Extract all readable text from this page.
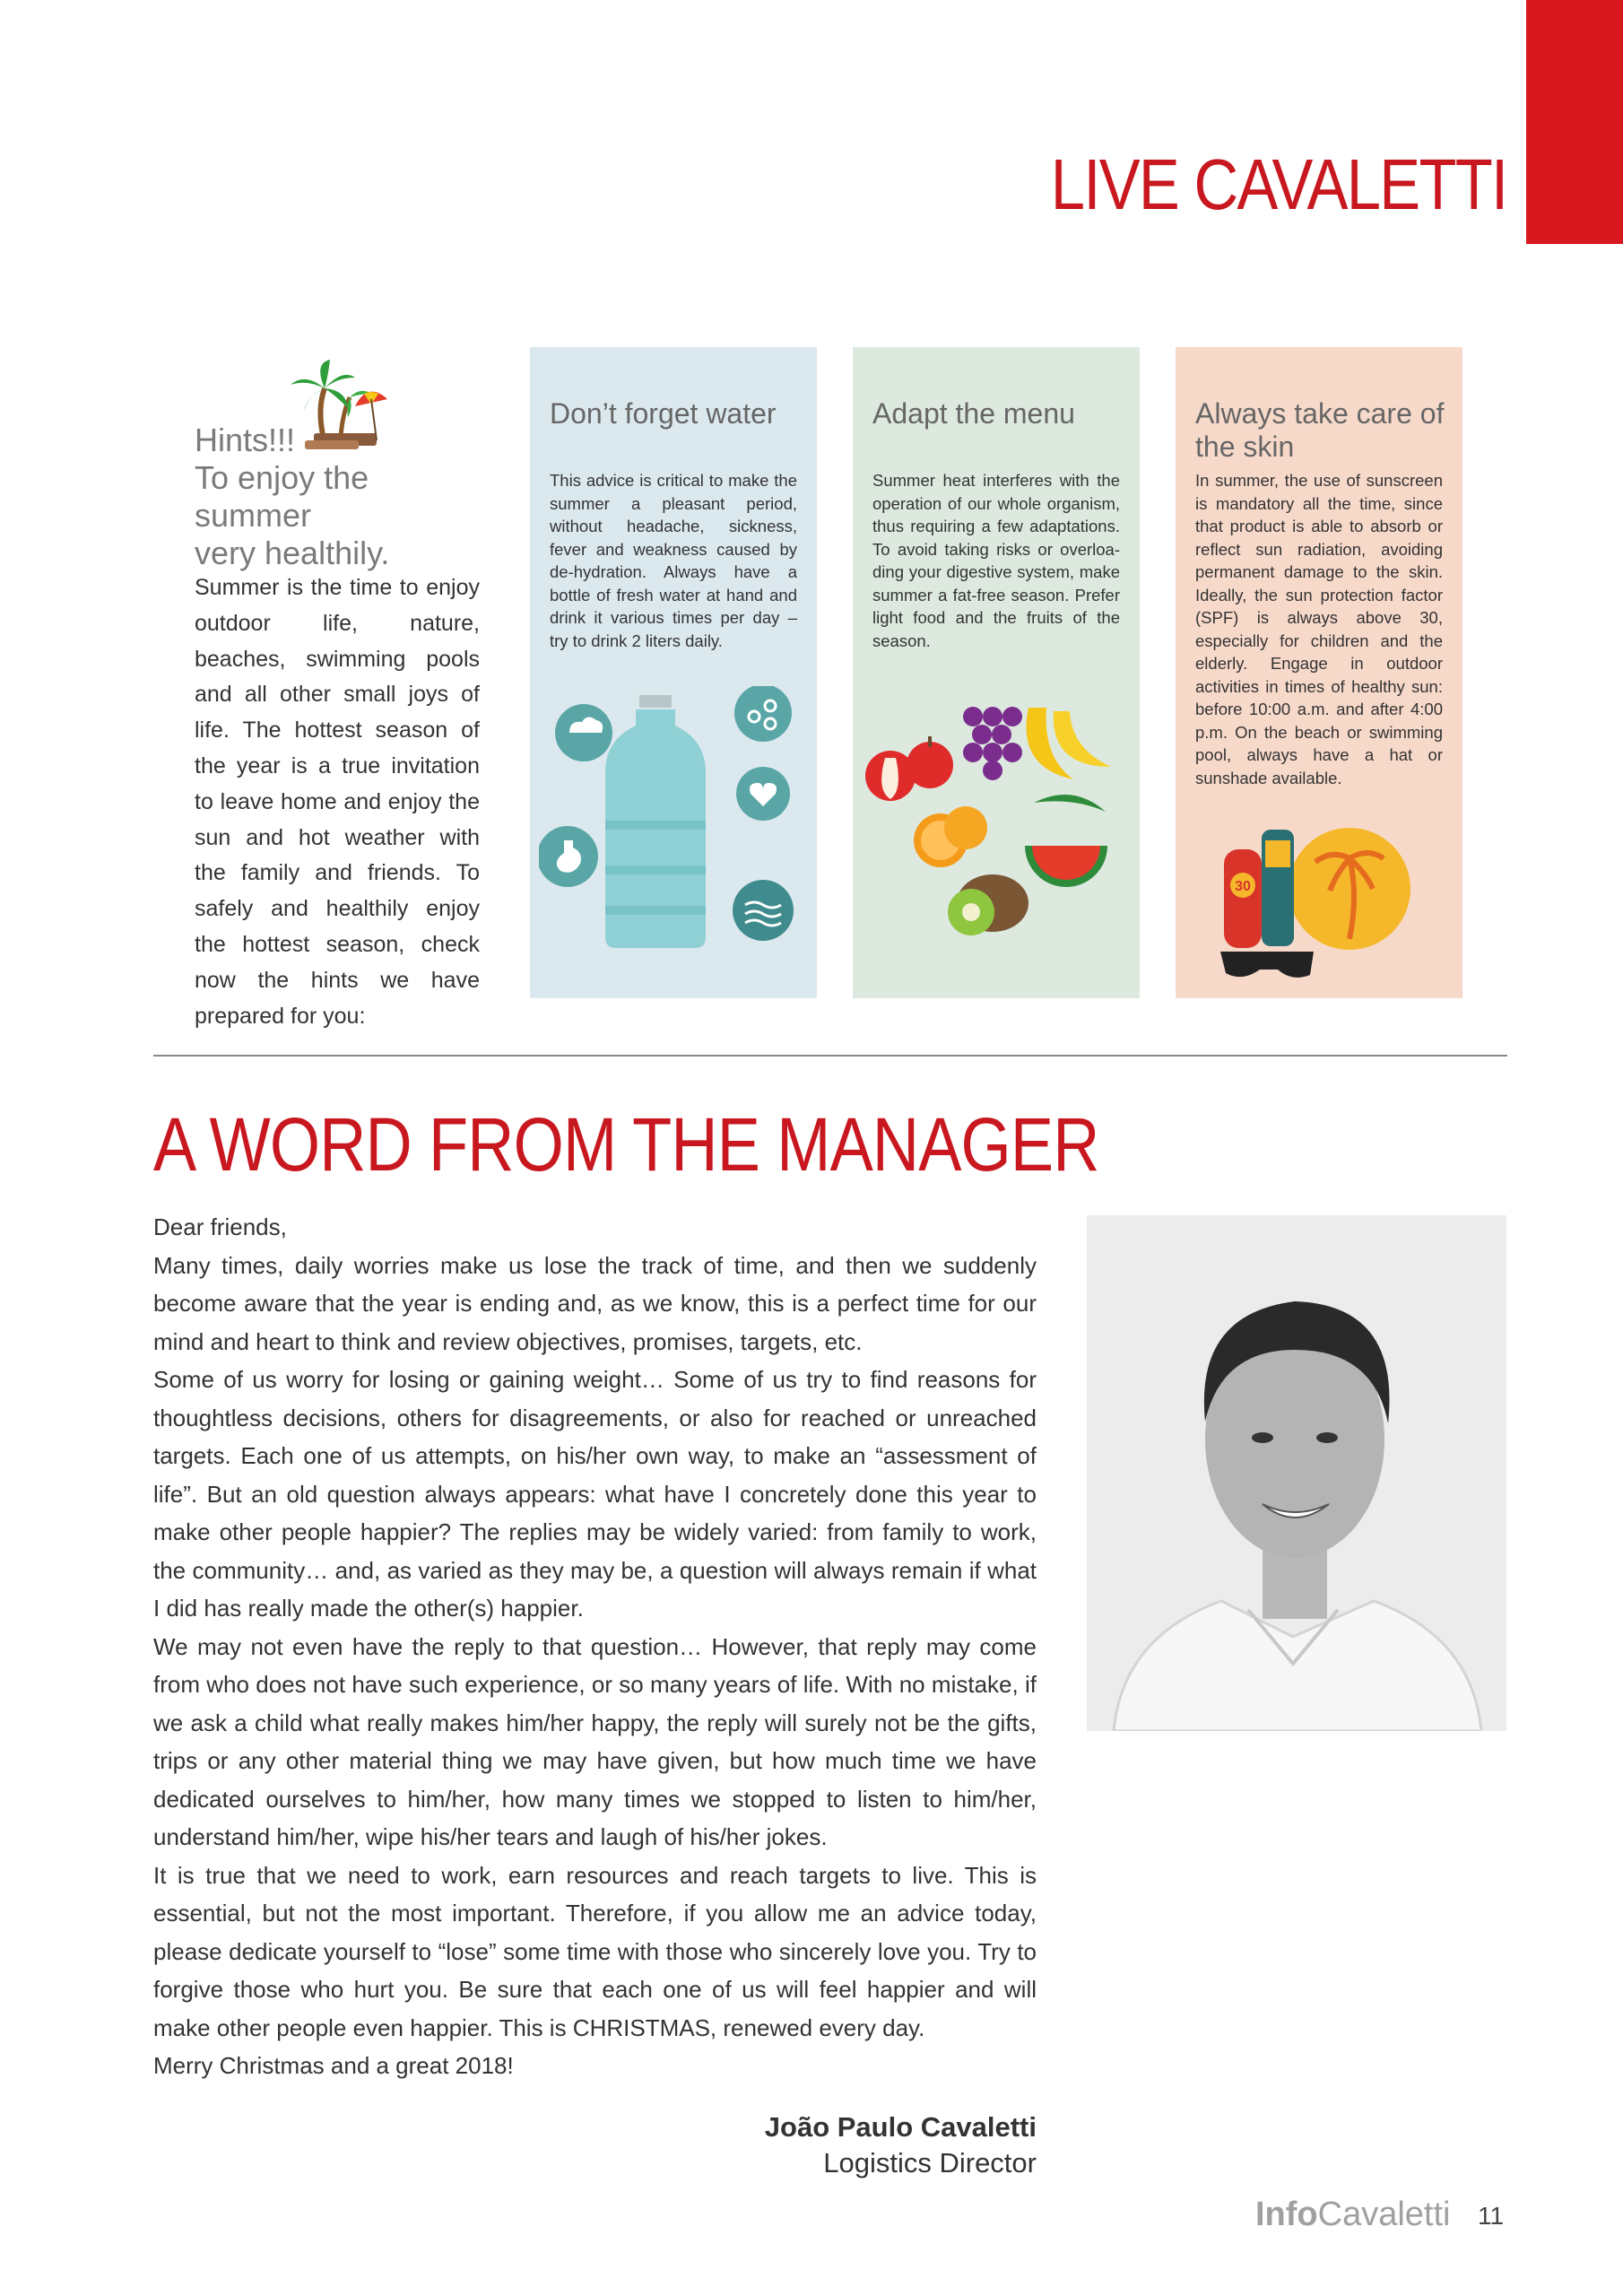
LIVE CAVALETTI
Hints!!!
To enjoy the summer
very healthily.
Summer is the time to enjoy outdoor life, nature, beaches, swimming pools and all other small joys of life. The hottest season of the year is a true invitation to leave home and enjoy the sun and hot weather with the family and friends. To safely and healthily enjoy the hottest season, check now the hints we have prepared for you:
Don’t forget water
This advice is critical to make the summer a pleasant period, without headache, sickness, fever and weakness caused by de-hydration. Always have a bottle of fresh water at hand and drink it various times per day – try to drink 2 liters daily.
Adapt the menu
Summer heat interferes with the operation of our whole organism, thus requiring a few adaptations. To avoid taking risks or overloa-ding your digestive system, make summer a fat-free season. Prefer light food and the fruits of the season.
Always take care of the skin
In summer, the use of sunscreen is mandatory all the time, since that product is able to absorb or reflect sun radiation, avoiding permanent damage to the skin. Ideally, the sun protection factor (SPF) is always above 30, especially for children and the elderly. Engage in outdoor activities in times of healthy sun: before 10:00 a.m. and after 4:00 p.m. On the beach or swimming pool, always have a hat or sunshade available.
30
A WORD FROM THE MANAGER

Dear friends,

Many times, daily worries make us lose the track of time, and then we suddenly become aware that the year is ending and, as we know, this is a perfect time for our mind and heart to think and review objectives, promises, targets, etc.

Some of us worry for losing or gaining weight… Some of us try to find reasons for thoughtless decisions, others for disagreements, or also for reached or unreached targets. Each one of us attempts, on his/her own way, to make an “assessment of life”. But an old question always appears: what have I concretely done this year to make other people happier? The replies may be widely varied: from family to work, the community… and, as varied as they may be, a question will always remain if what I did has really made the other(s) happier.

We may not even have the reply to that question… However, that reply may come from who does not have such experience, or so many years of life. With no mistake, if we ask a child what really makes him/her happy, the reply will surely not be the gifts, trips or any other material thing we may have given, but how much time we have dedicated ourselves to him/her, how many times we stopped to listen to him/her, understand him/her, wipe his/her tears and laugh of his/her jokes.

It is true that we need to work, earn resources and reach targets to live. This is essential, but not the most important. Therefore, if you allow me an advice today, please dedicate yourself to “lose” some time with those who sincerely love you. Try to forgive those who hurt you. Be sure that each one of us will feel happier and will make other people even happier. This is CHRISTMAS, renewed every day.

Merry Christmas and a great 2018!

João Paulo Cavaletti
Logistics Director
InfoCavaletti 11
